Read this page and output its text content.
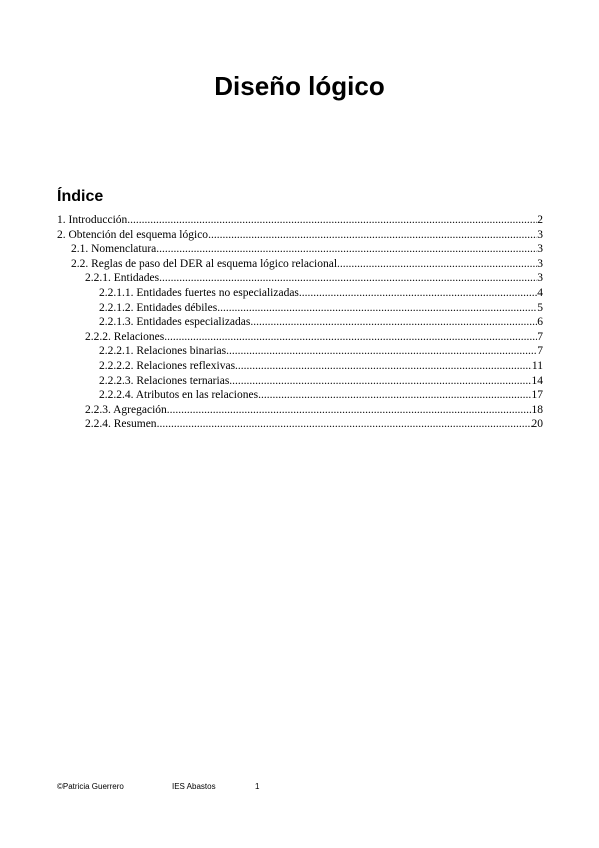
Diseño lógico
Índice
1. Introducción .....	2
2. Obtención del esquema lógico .....	3
2.1. Nomenclatura .....	3
2.2. Reglas de paso del DER al esquema lógico relacional .....	3
2.2.1. Entidades .....	3
2.2.1.1. Entidades fuertes no especializadas .....	4
2.2.1.2. Entidades débiles .....	5
2.2.1.3. Entidades especializadas .....	6
2.2.2. Relaciones .....	7
2.2.2.1. Relaciones binarias .....	7
2.2.2.2. Relaciones reflexivas .....	11
2.2.2.3. Relaciones ternarias .....	14
2.2.2.4. Atributos en las relaciones .....	17
2.2.3. Agregación .....	18
2.2.4. Resumen .....	20
©Patricia Guerrero	IES Abastos	1
